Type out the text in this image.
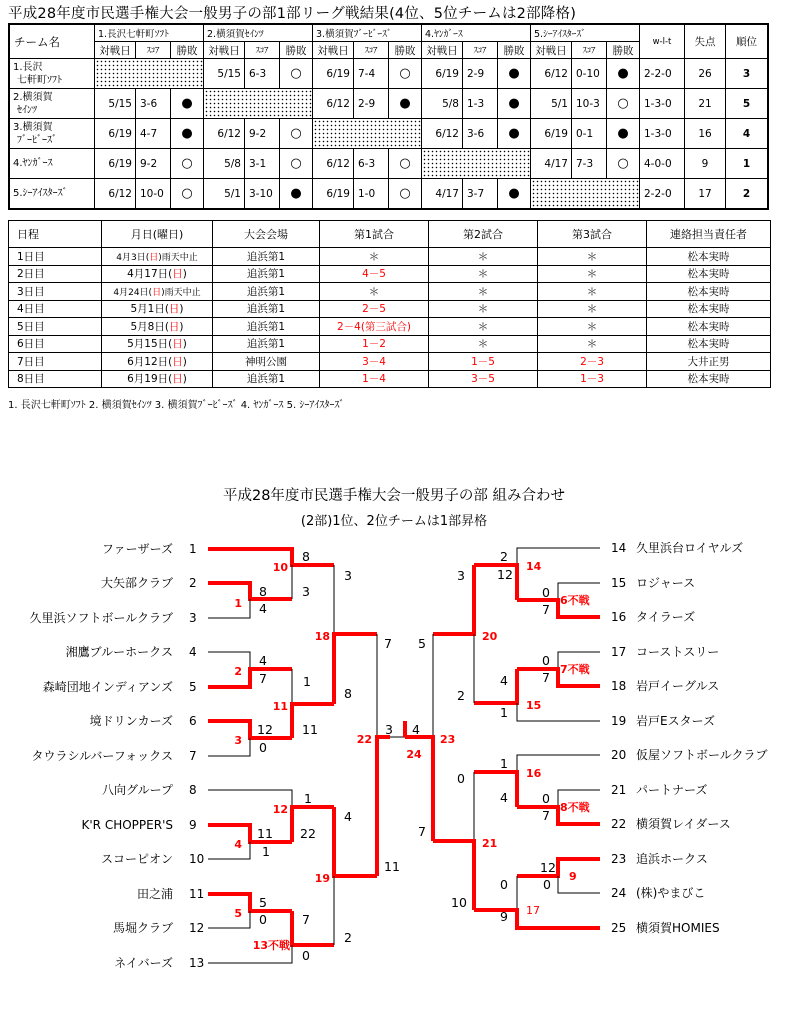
平成28年度市民選手権大会一般男子の部1部リーグ戦結果(4位、5位チームは2部降格)
チーム名	1.長沢七軒町ｿﾌﾄ			2.横須賀ｾｲﾝﾂ			3.横須賀ﾌﾞｰﾋﾞｰｽﾞ			4.ﾔﾝｶﾞｰｽ			5.ｼｰｱｲｽﾀｰｽﾞ			w-l-t	失点	順位
	対戦日	ｽｺｱ	勝敗	対戦日	ｽｺｱ	勝敗	対戦日	ｽｺｱ	勝敗	対戦日	ｽｺｱ	勝敗	対戦日	ｽｺｱ	勝敗			

1.長沢
七軒町ｿﾌﾄ				5/15	6-3	○	6/19	7-4	○	6/19	2-9	●	6/12	0-10	●	2-2-0	26	3

2.横須賀
ｾｲﾝﾂ	5/15	3-6	●				6/12	2-9	●	5/8	1-3	●	5/1	10-3	○	1-3-0	21	5

3.横須賀
ﾌﾞｰﾋﾞｰｽﾞ	6/19	4-7	●	6/12	9-2	○				6/12	3-6	●	6/19	0-1	●	1-3-0	16	4

4.ﾔﾝｶﾞｰｽ	6/19	9-2	○	5/8	3-1	○	6/12	6-3	○				4/17	7-3	○	4-0-0	9	1

5.ｼｰｱｲｽﾀｰｽﾞ	6/12	10-0	○	5/1	3-10	●	6/19	1-0	○	4/17	3-7	●				2-2-0	17	2
日程	月日(曜日)	大会会場	第1試合	第2試合	第3試合	連絡担当責任者
1日目	4月3日(日)雨天中止	追浜第1	＊	＊	＊	松本実時
2日目	4月17日(日)	追浜第1	4－5	＊	＊	松本実時
3日目	4月24日(日)雨天中止	追浜第1	＊	＊	＊	松本実時
4日目	5月1日(日)	追浜第1	2－5	＊	＊	松本実時
5日目	5月8日(日)	追浜第1	2－4(第三試合)	＊	＊	松本実時
6日目	5月15日(日)	追浜第1	1－2	＊	＊	松本実時
7日目	6月12日(日)	神明公園	3－4	1－5	2－3	大井正男
8日目	6月19日(日)	追浜第1	1－4	3－5	1－3	松本実時
1. 長沢七軒町ｿﾌﾄ 2. 横須賀ｾｲﾝﾂ 3. 横須賀ﾌﾞｰﾋﾞｰｽﾞ 4. ﾔﾝｶﾞｰｽ 5. ｼｰｱｲｽﾀｰｽﾞ
平成28年度市民選手権大会一般男子の部 組み合わせ
(2部)1位、2位チームは1部昇格
ファーザーズ 1
大矢部クラブ 2
久里浜ソフトボールクラブ 3
湘鷹ブルーホークス 4
森崎団地インディアンズ 5
境ドリンカーズ 6
タウラシルバーフォックス 7
八向グループ 8
K'R CHOPPER'S 9
スコーピオン 10
田之浦 11
馬堀クラブ 12
ネイバーズ 13
14 久里浜台ロイヤルズ
15 ロジャース
16 タイラーズ
17 コーストスリー
18 岩戸イーグルス
19 岩戸Eスターズ
20 仮屋ソフトボールクラブ
21 パートナーズ
22 横須賀レイダース
23 追浜ホークス
24 (株)やまびこ
25 横須賀HOMIES
1
8
4
10
8
3
2
4
7
3
12
0
11
1
11
18
3
8
4
11
1
12
1
22
5
5
0
13不戦
7
0
19
4
2
22
7
11
6不戦
0
7
14
2
12
7不戦
0
7
15
4
1
20
3
2
8不戦
0
7
16
1
4
9
12
0
17
0
9
21
0
10
23
5
7
24
3 4
